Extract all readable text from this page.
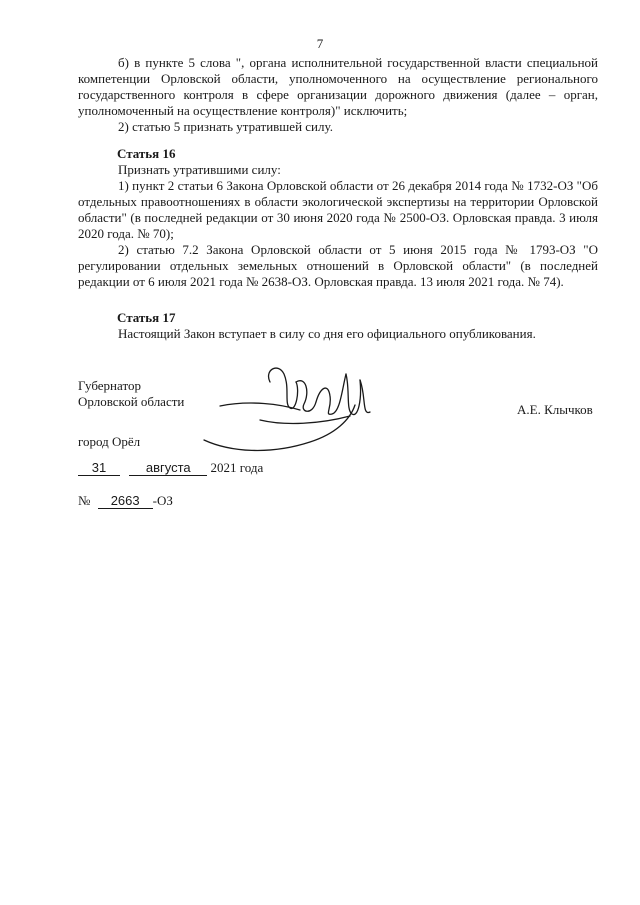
7

б) в пункте 5 слова ", органа исполнительной государственной власти специальной компетенции Орловской области, уполномоченного на осуществление регионального государственного контроля в сфере организации дорожного движения (далее – орган, уполномоченный на осуществление контроля)" исключить;

2) статью 5 признать утратившей силу.

Статья 16

Признать утратившими силу:

1) пункт 2 статьи 6 Закона Орловской области от 26 декабря 2014 года № 1732-ОЗ "Об отдельных правоотношениях в области экологической экспертизы на территории Орловской области" (в последней редакции от 30 июня 2020 года № 2500-ОЗ. Орловская правда. 3 июля 2020 года. № 70);

2) статью 7.2 Закона Орловской области от 5 июня 2015 года № 1793-ОЗ "О регулировании отдельных земельных отношений в Орловской области" (в последней редакции от 6 июля 2021 года № 2638-ОЗ. Орловская правда. 13 июля 2021 года. № 74).

Статья 17

Настоящий Закон вступает в силу со дня его официального опубликования.

Губернатор
Орловской области
А.Е. Клычков
город Орёл
31	августа 2021 года
№ 2663 -ОЗ
